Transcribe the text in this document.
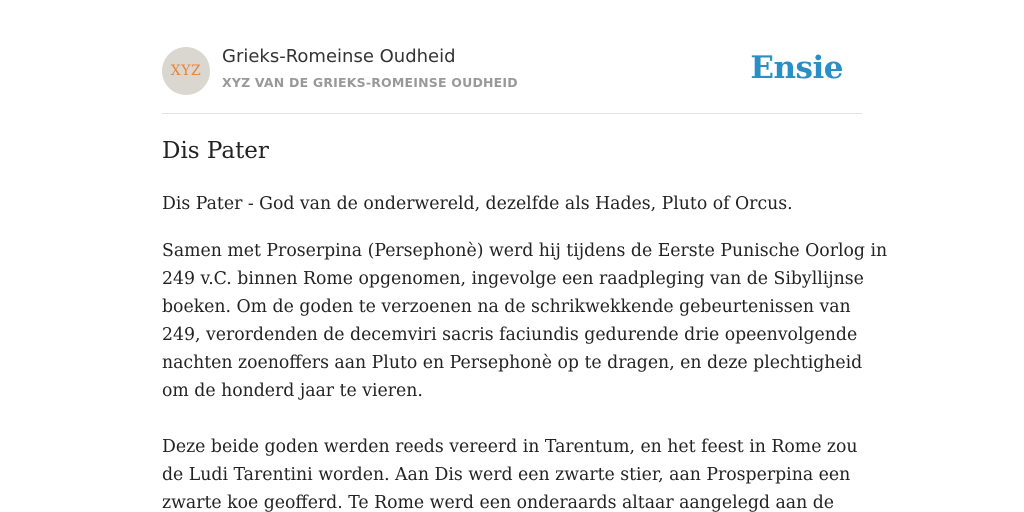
XYZ
Grieks-Romeinse Oudheid
XYZ VAN DE GRIEKS-ROMEINSE OUDHEID	Ensie
Dis Pater

Dis Pater - God van de onderwereld, dezelfde als Hades, Pluto of Orcus.

Samen met Proserpina (Persephonè) werd hij tijdens de Eerste Punische Oorlog in
249 v.C. binnen Rome opgenomen, ingevolge een raadpleging van de Sibyllijnse
boeken. Om de goden te verzoenen na de schrikwekkende gebeurtenissen van
249, verordenden de decemviri sacris faciundis gedurende drie opeenvolgende
nachten zoenoffers aan Pluto en Persephonè op te dragen, en deze plechtigheid
om de honderd jaar te vieren.
Deze beide goden werden reeds vereerd in Tarentum, en het feest in Rome zou
de Ludi Tarentini worden. Aan Dis werd een zwarte stier, aan Prosperpina een
zwarte koe geofferd. Te Rome werd een onderaards altaar aangelegd aan de
